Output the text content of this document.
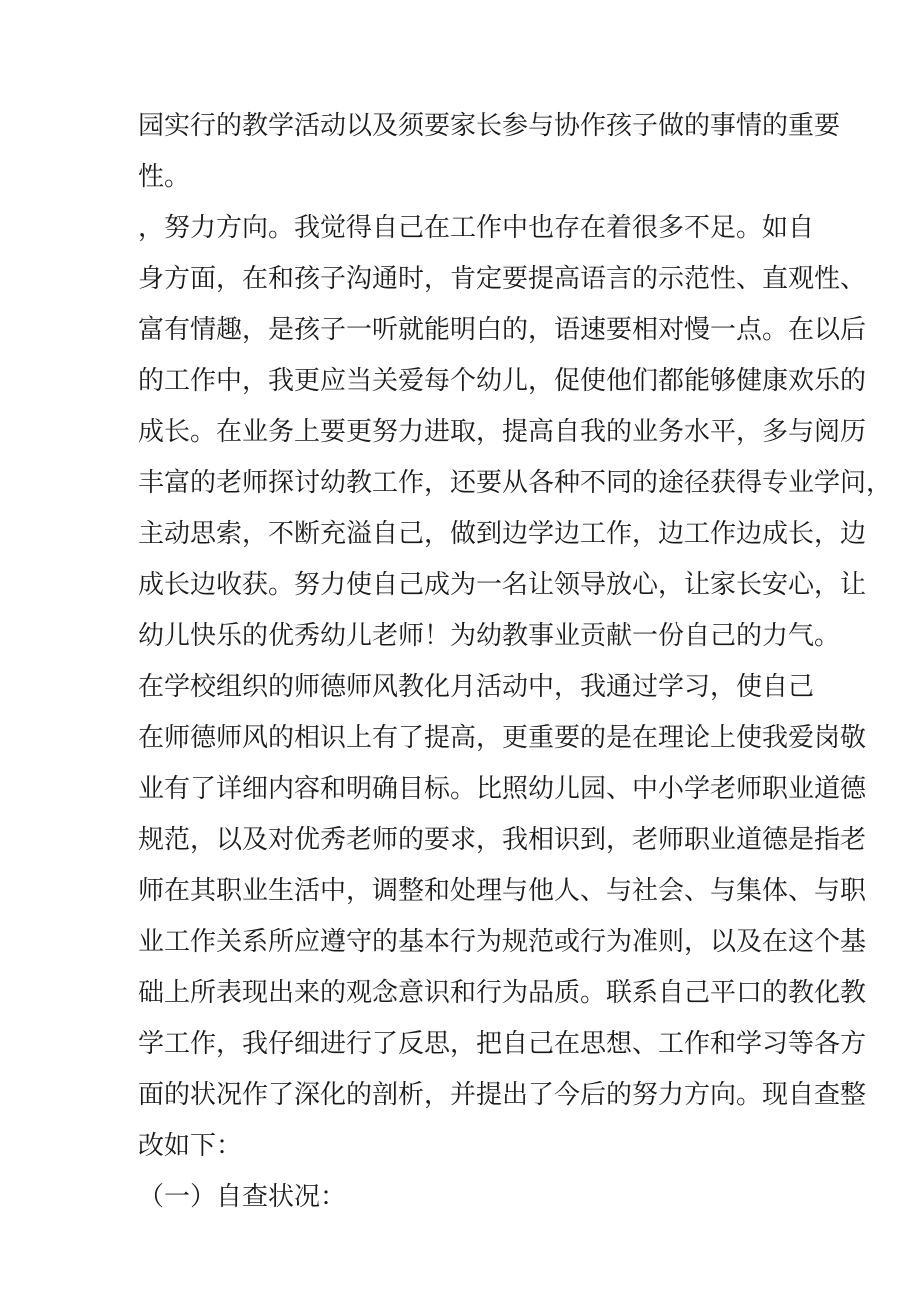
园实行的教学活动以及须要家长参与协作孩子做的事情的重要
性。
，努力方向。我觉得自己在工作中也存在着很多不足。如自
身方面，在和孩子沟通时，肯定要提高语言的示范性、直观性、
富有情趣，是孩子一听就能明白的，语速要相对慢一点。在以后
的工作中，我更应当关爱每个幼儿，促使他们都能够健康欢乐的
成长。在业务上要更努力进取，提高自我的业务水平，多与阅历
丰富的老师探讨幼教工作，还要从各种不同的途径获得专业学问，
主动思索，不断充溢自己，做到边学边工作，边工作边成长，边
成长边收获。努力使自己成为一名让领导放心，让家长安心，让
幼儿快乐的优秀幼儿老师！为幼教事业贡献一份自己的力气。
在学校组织的师德师风教化月活动中，我通过学习，使自己
在师德师风的相识上有了提高，更重要的是在理论上使我爱岗敬
业有了详细内容和明确目标。比照幼儿园、中小学老师职业道德
规范，以及对优秀老师的要求，我相识到，老师职业道德是指老
师在其职业生活中，调整和处理与他人、与社会、与集体、与职
业工作关系所应遵守的基本行为规范或行为准则，以及在这个基
础上所表现出来的观念意识和行为品质。联系自己平口的教化教
学工作，我仔细进行了反思，把自己在思想、工作和学习等各方
面的状况作了深化的剖析，并提出了今后的努力方向。现自查整
改如下：
（一）自查状况：
